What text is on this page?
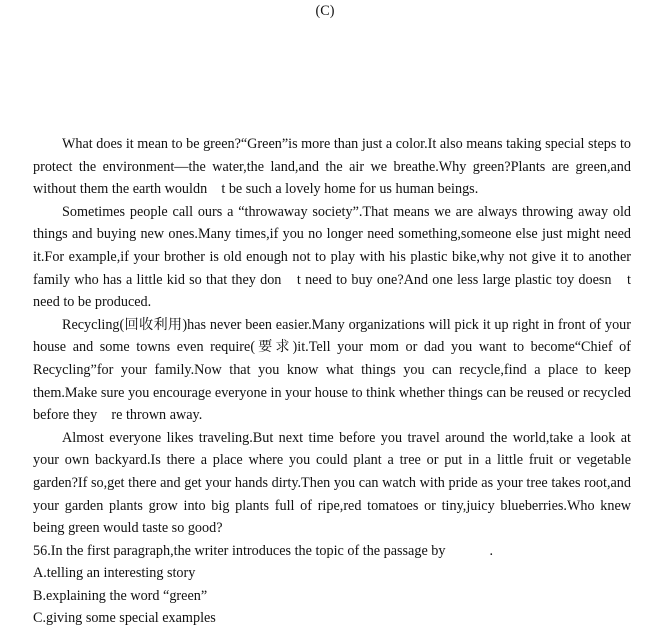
(C)

What does it mean to be green?“Green”is more than just a color.It also means taking special steps to protect the environment—the water,the land,and the air we breathe.Why green?Plants are green,and without them the earth wouldn　t be such a lovely home for us human beings.

Sometimes people call ours a “throwaway society”.That means we are always throwing away old things and buying new ones.Many times,if you no longer need something,someone else just might need it.For example,if your brother is old enough not to play with his plastic bike,why not give it to another family who has a little kid so that they don　t need to buy one?And one less large plastic toy doesn　t need to be produced.

Recycling(回收利用)has never been easier.Many organizations will pick it up right in front of your house and some towns even require(要求)it.Tell your mom or dad you want to become“Chief of Recycling”for your family.Now that you know what things you can recycle,find a place to keep them.Make sure you encourage everyone in your house to think whether things can be reused or recycled before they　re thrown away.

Almost everyone likes traveling.But next time before you travel around the world,take a look at your own backyard.Is there a place where you could plant a tree or put in a little fruit or vegetable garden?If so,get there and get your hands dirty.Then you can watch with pride as your tree takes root,and your garden plants grow into big plants full of ripe,red tomatoes or tiny,juicy blueberries.Who knew being green would taste so good?

56.In the first paragraph,the writer introduces the topic of the passage by	.

A.telling an interesting story

B.explaining the word “green”

C.giving some special examples
